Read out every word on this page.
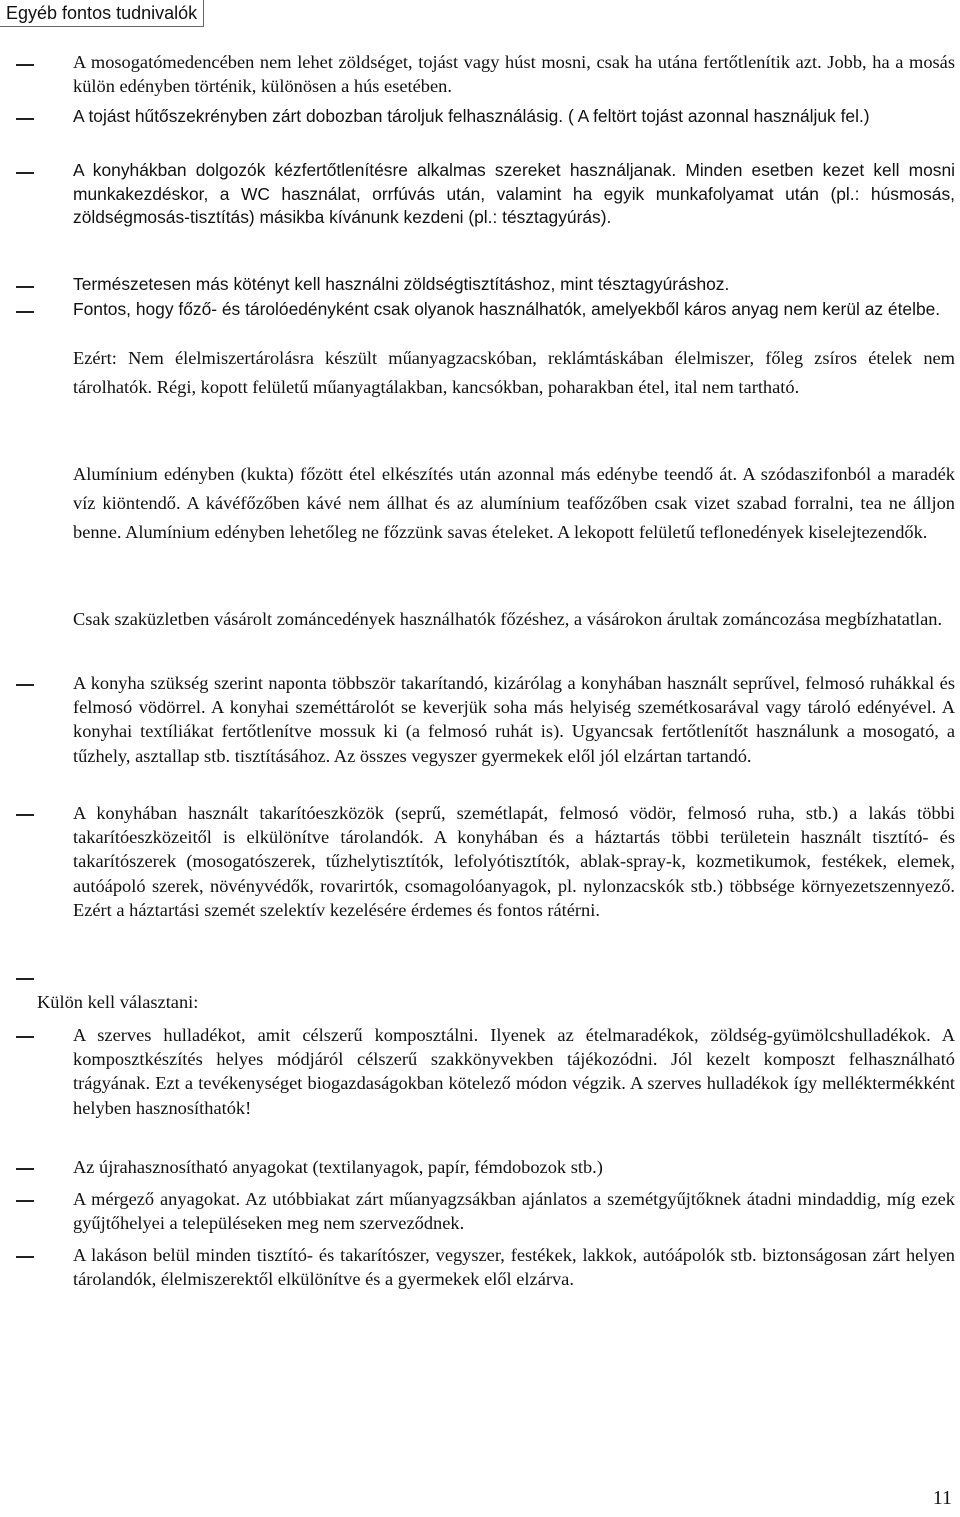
Egyéb fontos tudnivalók
A mosogatómedencében nem lehet zöldséget, tojást vagy húst mosni, csak ha utána fertőtlenítik azt. Jobb, ha a mosás külön edényben történik, különösen a hús esetében.
A tojást hűtőszekrényben zárt dobozban tároljuk felhasználásig. ( A feltört tojást azonnal használjuk fel.)
A konyhákban dolgozók kézfertőtlenítésre alkalmas szereket használjanak. Minden esetben kezet kell mosni munkakezdéskor, a WC használat, orrfúvás után, valamint ha egyik munkafolyamat után (pl.: húsmosás, zöldségmosás-tisztítás) másikba kívánunk kezdeni (pl.: tésztagyúrás).
Természetesen más kötényt kell használni zöldségtisztításhoz, mint tésztagyúráshoz.
Fontos, hogy főző- és tárolóedényként csak olyanok használhatók, amelyekből káros anyag nem kerül az ételbe.
Ezért: Nem élelmiszertárolásra készült műanyagzacskóban, reklámtáskában élelmiszer, főleg zsíros ételek nem tárolhatók. Régi, kopott felületű műanyagtálakban, kancsókban, poharakban étel, ital nem tartható.
Alumínium edényben (kukta) főzött étel elkészítés után azonnal más edénybe teendő át. A szódaszifonból a maradék víz kiöntendő. A kávéfőzőben kávé nem állhat és az alumínium teafőzőben csak vizet szabad forralni, tea ne álljon benne. Alumínium edényben lehetőleg ne főzzünk savas ételeket. A lekopott felületű teflonedények kiselejtezendők.
Csak szaküzletben vásárolt zománcedények használhatók főzéshez, a vásárokon árultak zománcozása megbízhatatlan.
A konyha szükség szerint naponta többször takarítandó, kizárólag a konyhában használt seprűvel, felmosó ruhákkal és felmosó vödörrel. A konyhai szeméttárolót se keverjük soha más helyiség szemétkosarával vagy tároló edényével. A konyhai textíliákat fertőtlenítve mossuk ki (a felmosó ruhát is). Ugyancsak fertőtlenítőt használunk a mosogató, a tűzhely, asztallap stb. tisztításához. Az összes vegyszer gyermekek elől jól elzártan tartandó.
A konyhában használt takarítóeszközök (seprű, szemétlapát, felmosó vödör, felmosó ruha, stb.) a lakás többi takarítóeszközeitől is elkülönítve tárolandók. A konyhában és a háztartás többi területein használt tisztító- és takarítószerek (mosogatószerek, tűzhelytisztítók, lefolyótisztítók, ablak-spray-k, kozmetikumok, festékek, elemek, autóápoló szerek, növényvédők, rovarirtók, csomagolóanyagok, pl. nylonzacskók stb.) többsége környezetszennyező. Ezért a háztartási szemét szelektív kezelésére érdemes és fontos rátérni.
Külön kell választani:
A szerves hulladékot, amit célszerű komposztálni. Ilyenek az ételmaradékok, zöldség-gyümölcshulladékok. A komposztkészítés helyes módjáról célszerű szakkönyvekben tájékozódni. Jól kezelt komposzt felhasználható trágyának. Ezt a tevékenységet biogazdaságokban kötelező módon végzik. A szerves hulladékok így melléktermékként helyben hasznosíthatók!
Az újrahasznosítható anyagokat (textilanyagok, papír, fémdobozok stb.)
A mérgező anyagokat. Az utóbbiakat zárt műanyagzsákban ajánlatos a szemétgyűjtőknek átadni mindaddig, míg ezek gyűjtőhelyei a településeken meg nem szerveződnek.
A lakáson belül minden tisztító- és takarítószer, vegyszer, festékek, lakkok, autóápolók stb. biztonságosan zárt helyen tárolandók, élelmiszerektől elkülönítve és a gyermekek elől elzárva.
11
